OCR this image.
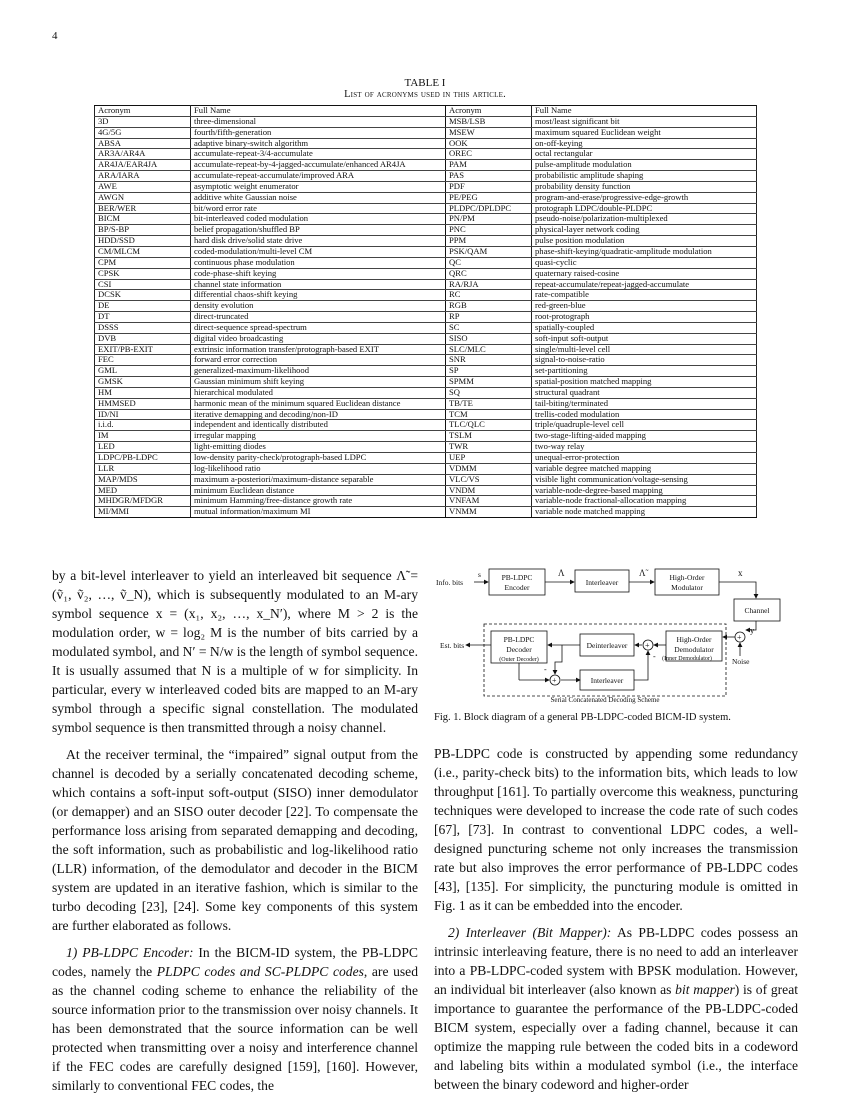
4
TABLE I
List of acronyms used in this article.
Acronym	Full Name	Acronym	Full Name
3D	three-dimensional	MSB/LSB	most/least significant bit
4G/5G	fourth/fifth-generation	MSEW	maximum squared Euclidean weight
ABSA	adaptive binary-switch algorithm	OOK	on-off-keying
AR3A/AR4A	accumulate-repeat-3/4-accumulate	OREC	octal rectangular
AR4JA/EAR4JA	accumulate-repeat-by-4-jagged-accumulate/enhanced AR4JA	PAM	pulse-amplitude modulation
ARA/IARA	accumulate-repeat-accumulate/improved ARA	PAS	probabilistic amplitude shaping
AWE	asymptotic weight enumerator	PDF	probability density function
AWGN	additive white Gaussian noise	PE/PEG	program-and-erase/progressive-edge-growth
BER/WER	bit/word error rate	PLDPC/DPLDPC	protograph LDPC/double-PLDPC
BICM	bit-interleaved coded modulation	PN/PM	pseudo-noise/polarization-multiplexed
BP/S-BP	belief propagation/shuffled BP	PNC	physical-layer network coding
HDD/SSD	hard disk drive/solid state drive	PPM	pulse position modulation
CM/MLCM	coded-modulation/multi-level CM	PSK/QAM	phase-shift-keying/quadratic-amplitude modulation
CPM	continuous phase modulation	QC	quasi-cyclic
CPSK	code-phase-shift keying	QRC	quaternary raised-cosine
CSI	channel state information	RA/RJA	repeat-accumulate/repeat-jagged-accumulate
DCSK	differential chaos-shift keying	RC	rate-compatible
DE	density evolution	RGB	red-green-blue
DT	direct-truncated	RP	root-protograph
DSSS	direct-sequence spread-spectrum	SC	spatially-coupled
DVB	digital video broadcasting	SISO	soft-input soft-output
EXIT/PB-EXIT	extrinsic information transfer/protograph-based EXIT	SLC/MLC	single/multi-level cell
FEC	forward error correction	SNR	signal-to-noise-ratio
GML	generalized-maximum-likelihood	SP	set-partitioning
GMSK	Gaussian minimum shift keying	SPMM	spatial-position matched mapping
HM	hierarchical modulated	SQ	structural quadrant
HMMSED	harmonic mean of the minimum squared Euclidean distance	TB/TE	tail-biting/terminated
ID/NI	iterative demapping and decoding/non-ID	TCM	trellis-coded modulation
i.i.d.	independent and identically distributed	TLC/QLC	triple/quadruple-level cell
IM	irregular mapping	TSLM	two-stage-lifting-aided mapping
LED	light-emitting diodes	TWR	two-way relay
LDPC/PB-LDPC	low-density parity-check/protograph-based LDPC	UEP	unequal-error-protection
LLR	log-likelihood ratio	VDMM	variable degree matched mapping
MAP/MDS	maximum a-posteriori/maximum-distance separable	VLC/VS	visible light communication/voltage-sensing
MED	minimum Euclidean distance	VNDM	variable-node-degree-based mapping
MHDGR/MFDGR	minimum Hamming/free-distance growth rate	VNFAM	variable-node fractional-allocation mapping
MI/MMI	mutual information/maximum MI	VNMM	variable node matched mapping

by a bit-level interleaver to yield an interleaved bit sequence Λ̃ = (ṽ₁, ṽ₂, …, ṽ_N), which is subsequently modulated to an M-ary symbol sequence x = (x₁, x₂, …, x_N′), where M > 2 is the modulation order, w = log₂ M is the number of bits carried by a modulated symbol, and N′ = N/w is the length of symbol sequence. It is usually assumed that N is a multiple of w for simplicity. In particular, every w interleaved coded bits are mapped to an M-ary symbol through a specific signal constellation. The modulated symbol sequence is then transmitted through a noisy channel.

At the receiver terminal, the “impaired” signal output from the channel is decoded by a serially concatenated decoding scheme, which contains a soft-input soft-output (SISO) inner demodulator (or demapper) and an SISO outer decoder [22]. To compensate the performance loss arising from separated demapping and decoding, the soft information, such as probabilistic and log-likelihood ratio (LLR) information, of the demodulator and decoder in the BICM system are updated in an iterative fashion, which is similar to the turbo decoding [23], [24]. Some key components of this system are further elaborated as follows.

1) PB-LDPC Encoder: In the BICM-ID system, the PB-LDPC codes, namely the PLDPC codes and SC-PLDPC codes, are used as the channel coding scheme to enhance the reliability of the source information prior to the transmission over noisy channels. It has been demonstrated that the source information can be well protected when transmitting over a noisy and interference channel if the FEC codes are carefully designed [159], [160]. However, similarly to conventional FEC codes, the

Info. bits
s	PB-LDPC
Encoder
Λ
Interleaver
Λ̃	High-Order
Modulator
x
Channel
y
+
Noise
Est. bits
PB-LDPC
Decoder
(Outer Decoder)
Deinterleaver +
-
High-Order
Demodulator
(Inner Demodulator)
+
-
Interleaver
Serial Concatenated Decoding Scheme
Fig. 1. Block diagram of a general PB-LDPC-coded BICM-ID system.

PB-LDPC code is constructed by appending some redundancy (i.e., parity-check bits) to the information bits, which leads to low throughput [161]. To partially overcome this weakness, puncturing techniques were developed to increase the code rate of such codes [67], [73]. In contrast to conventional LDPC codes, a well-designed puncturing scheme not only increases the transmission rate but also improves the error performance of PB-LDPC codes [43], [135]. For simplicity, the puncturing module is omitted in Fig. 1 as it can be embedded into the encoder.

2) Interleaver (Bit Mapper): As PB-LDPC codes possess an intrinsic interleaving feature, there is no need to add an interleaver into a PB-LDPC-coded system with BPSK modulation. However, an individual bit interleaver (also known as bit mapper) is of great importance to guarantee the performance of the PB-LDPC-coded BICM system, especially over a fading channel, because it can optimize the mapping rule between the coded bits in a codeword and labeling bits within a modulated symbol (i.e., the interface between the binary codeword and higher-order
